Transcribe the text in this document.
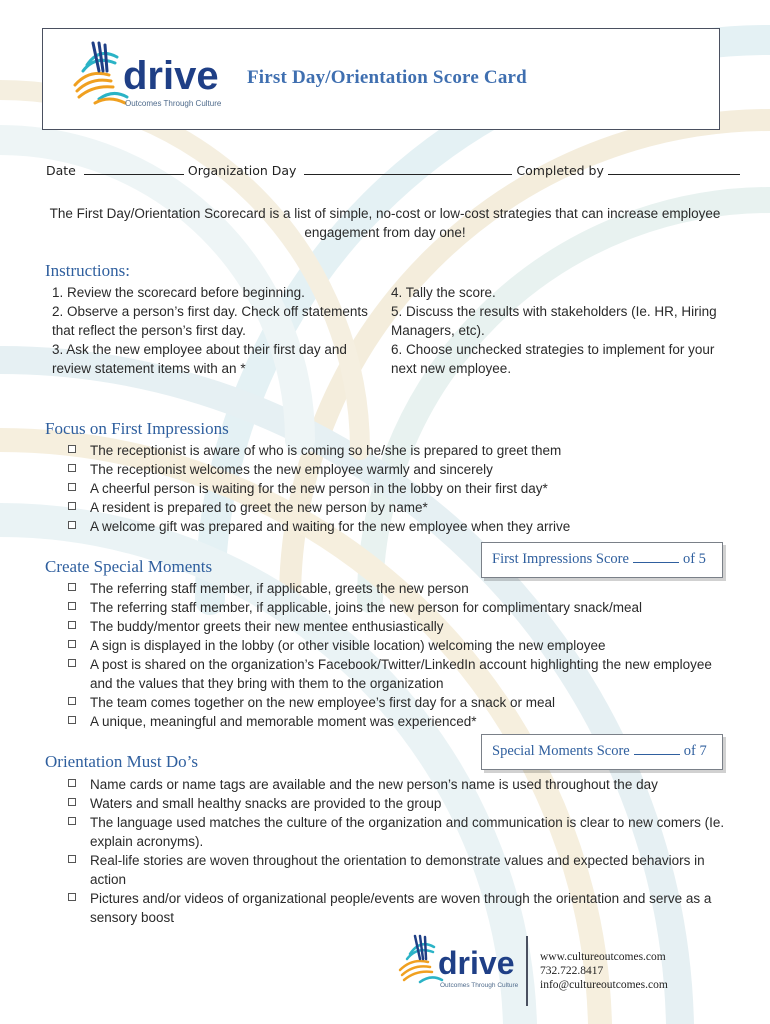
drive
Outcomes Through Culture
First Day/Orientation Score Card
Date	Organization Day	Completed by
The First Day/Orientation Scorecard is a list of simple, no-cost or low-cost strategies that can increase employee engagement from day one!
Instructions:

1. Review the scorecard before beginning.

2. Observe a person’s first day. Check off statements that reflect the person’s first day.

3. Ask the new employee about their first day and review statement items with an *

4. Tally the score.

5. Discuss the results with stakeholders (Ie. HR, Hiring Managers, etc).

6. Choose unchecked strategies to implement for your next new employee.

Focus on First Impressions
The receptionist is aware of who is coming so he/she is prepared to greet them
The receptionist welcomes the new employee warmly and sincerely
A cheerful person is waiting for the new person in the lobby on their first day*
A resident is prepared to greet the new person by name*
A welcome gift was prepared and waiting for the new employee when they arrive
First Impressions Score	of 5
Create Special Moments
The referring staff member, if applicable, greets the new person
The referring staff member, if applicable, joins the new person for complimentary snack/meal
The buddy/mentor greets their new mentee enthusiastically
A sign is displayed in the lobby (or other visible location) welcoming the new employee
A post is shared on the organization’s Facebook/Twitter/LinkedIn account highlighting the new employee and the values that they bring with them to the organization
The team comes together on the new employee’s first day for a snack or meal
A unique, meaningful and memorable moment was experienced*
Special Moments Score	of 7
Orientation Must Do’s
Name cards or name tags are available and the new person’s name is used throughout the day
Waters and small healthy snacks are provided to the group
The language used matches the culture of the organization and communication is clear to new comers (Ie. explain acronyms).
Real-life stories are woven throughout the orientation to demonstrate values and expected behaviors in action
Pictures and/or videos of organizational people/events are woven through the orientation and serve as a sensory boost
drive
Outcomes Through Culture
www.cultureoutcomes.com
732.722.8417
info@cultureoutcomes.com
